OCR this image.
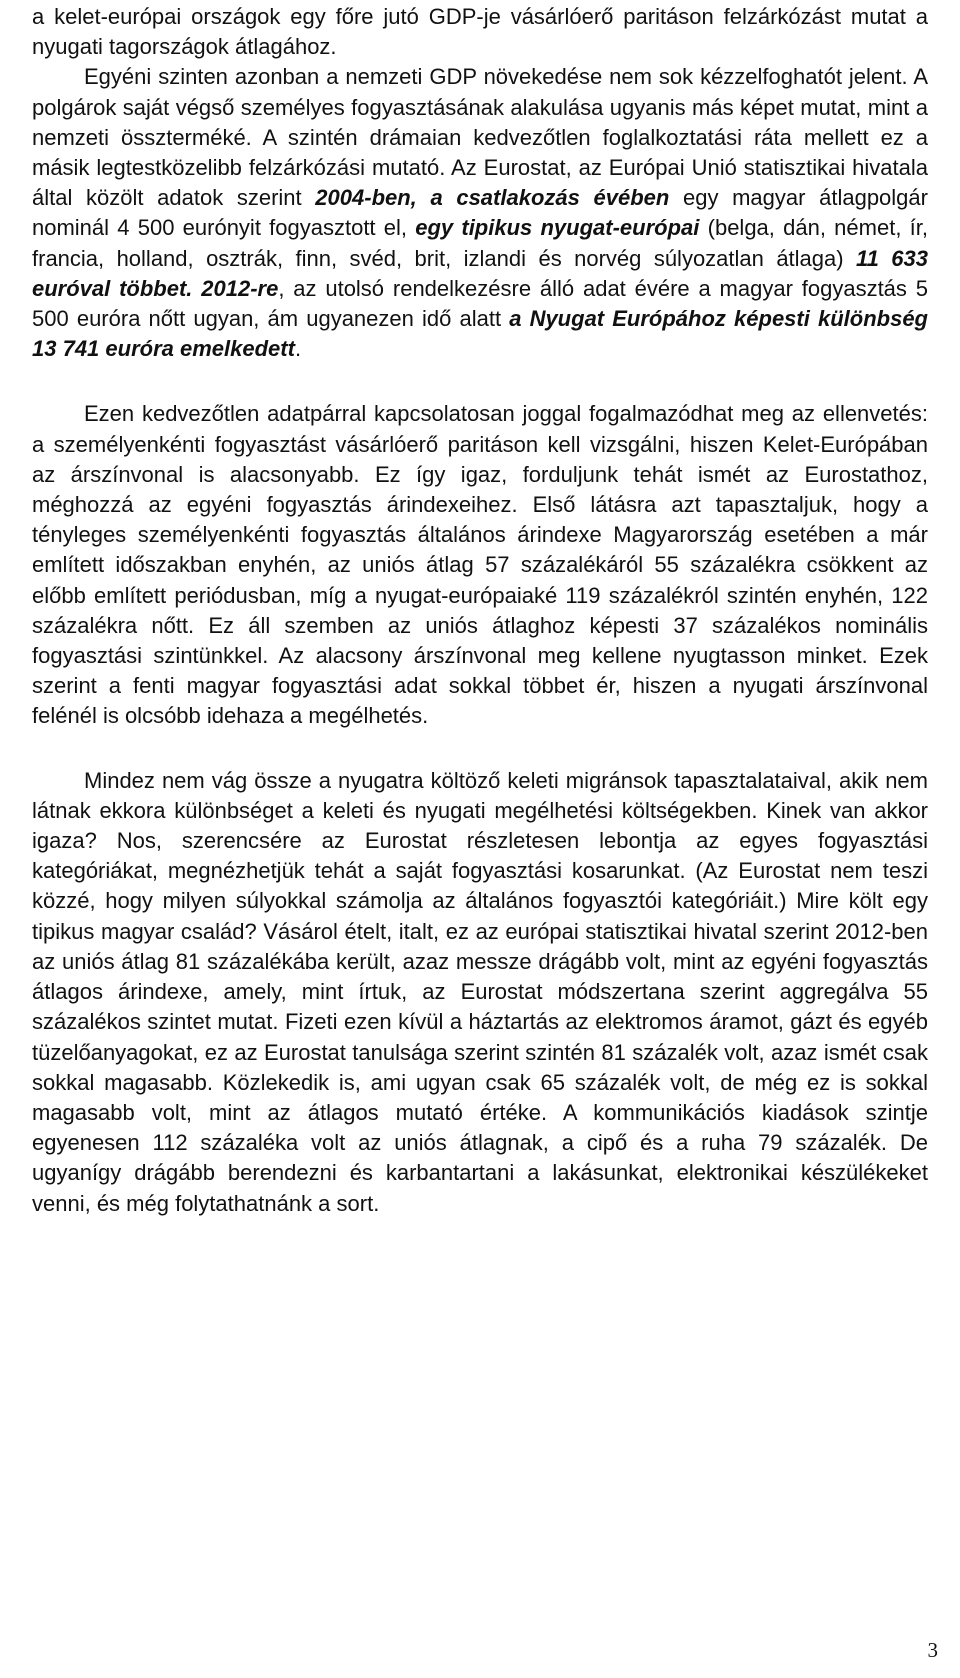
a kelet-európai országok egy főre jutó GDP-je vásárlóerő paritáson felzárkózást mutat a nyugati tagországok átlagához.
Egyéni szinten azonban a nemzeti GDP növekedése nem sok kézzelfoghatót jelent. A polgárok saját végső személyes fogyasztásának alakulása ugyanis más képet mutat, mint a nemzeti összterméké. A szintén drámaian kedvezőtlen foglalkoztatási ráta mellett ez a másik legtestközelibb felzárkózási mutató. Az Eurostat, az Európai Unió statisztikai hivatala által közölt adatok szerint 2004-ben, a csatlakozás évében egy magyar átlagpolgár nominál 4 500 eurónyit fogyasztott el, egy tipikus nyugat-európai (belga, dán, német, ír, francia, holland, osztrák, finn, svéd, brit, izlandi és norvég súlyozatlan átlaga) 11 633 euróval többet. 2012-re, az utolsó rendelkezésre álló adat évére a magyar fogyasztás 5 500 euróra nőtt ugyan, ám ugyanezen idő alatt a Nyugat Európához képesti különbség 13 741 euróra emelkedett.

Ezen kedvezőtlen adatpárral kapcsolatosan joggal fogalmazódhat meg az ellenvetés: a személyenkénti fogyasztást vásárlóerő paritáson kell vizsgálni, hiszen Kelet-Európában az árszínvonal is alacsonyabb. Ez így igaz, forduljunk tehát ismét az Eurostathoz, méghozzá az egyéni fogyasztás árindexeihez. Első látásra azt tapasztaljuk, hogy a tényleges személyenkénti fogyasztás általános árindexe Magyarország esetében a már említett időszakban enyhén, az uniós átlag 57 százalékáról 55 százalékra csökkent az előbb említett periódusban, míg a nyugat-európaiaké 119 százalékról szintén enyhén, 122 százalékra nőtt. Ez áll szemben az uniós átlaghoz képesti 37 százalékos nominális fogyasztási szintünkkel. Az alacsony árszínvonal meg kellene nyugtasson minket. Ezek szerint a fenti magyar fogyasztási adat sokkal többet ér, hiszen a nyugati árszínvonal felénél is olcsóbb idehaza a megélhetés.

Mindez nem vág össze a nyugatra költöző keleti migránsok tapasztalataival, akik nem látnak ekkora különbséget a keleti és nyugati megélhetési költségekben. Kinek van akkor igaza? Nos, szerencsére az Eurostat részletesen lebontja az egyes fogyasztási kategóriákat, megnézhetjük tehát a saját fogyasztási kosarunkat. (Az Eurostat nem teszi közzé, hogy milyen súlyokkal számolja az általános fogyasztói kategóriáit.) Mire költ egy tipikus magyar család? Vásárol ételt, italt, ez az európai statisztikai hivatal szerint 2012-ben az uniós átlag 81 százalékába került, azaz messze drágább volt, mint az egyéni fogyasztás átlagos árindexe, amely, mint írtuk, az Eurostat módszertana szerint aggregálva 55 százalékos szintet mutat. Fizeti ezen kívül a háztartás az elektromos áramot, gázt és egyéb tüzelőanyagokat, ez az Eurostat tanulsága szerint szintén 81 százalék volt, azaz ismét csak sokkal magasabb. Közlekedik is, ami ugyan csak 65 százalék volt, de még ez is sokkal magasabb volt, mint az átlagos mutató értéke. A kommunikációs kiadások szintje egyenesen 112 százaléka volt az uniós átlagnak, a cipő és a ruha 79 százalék. De ugyanígy drágább berendezni és karbantartani a lakásunkat, elektronikai készülékeket venni, és még folytathatnánk a sort.

3
